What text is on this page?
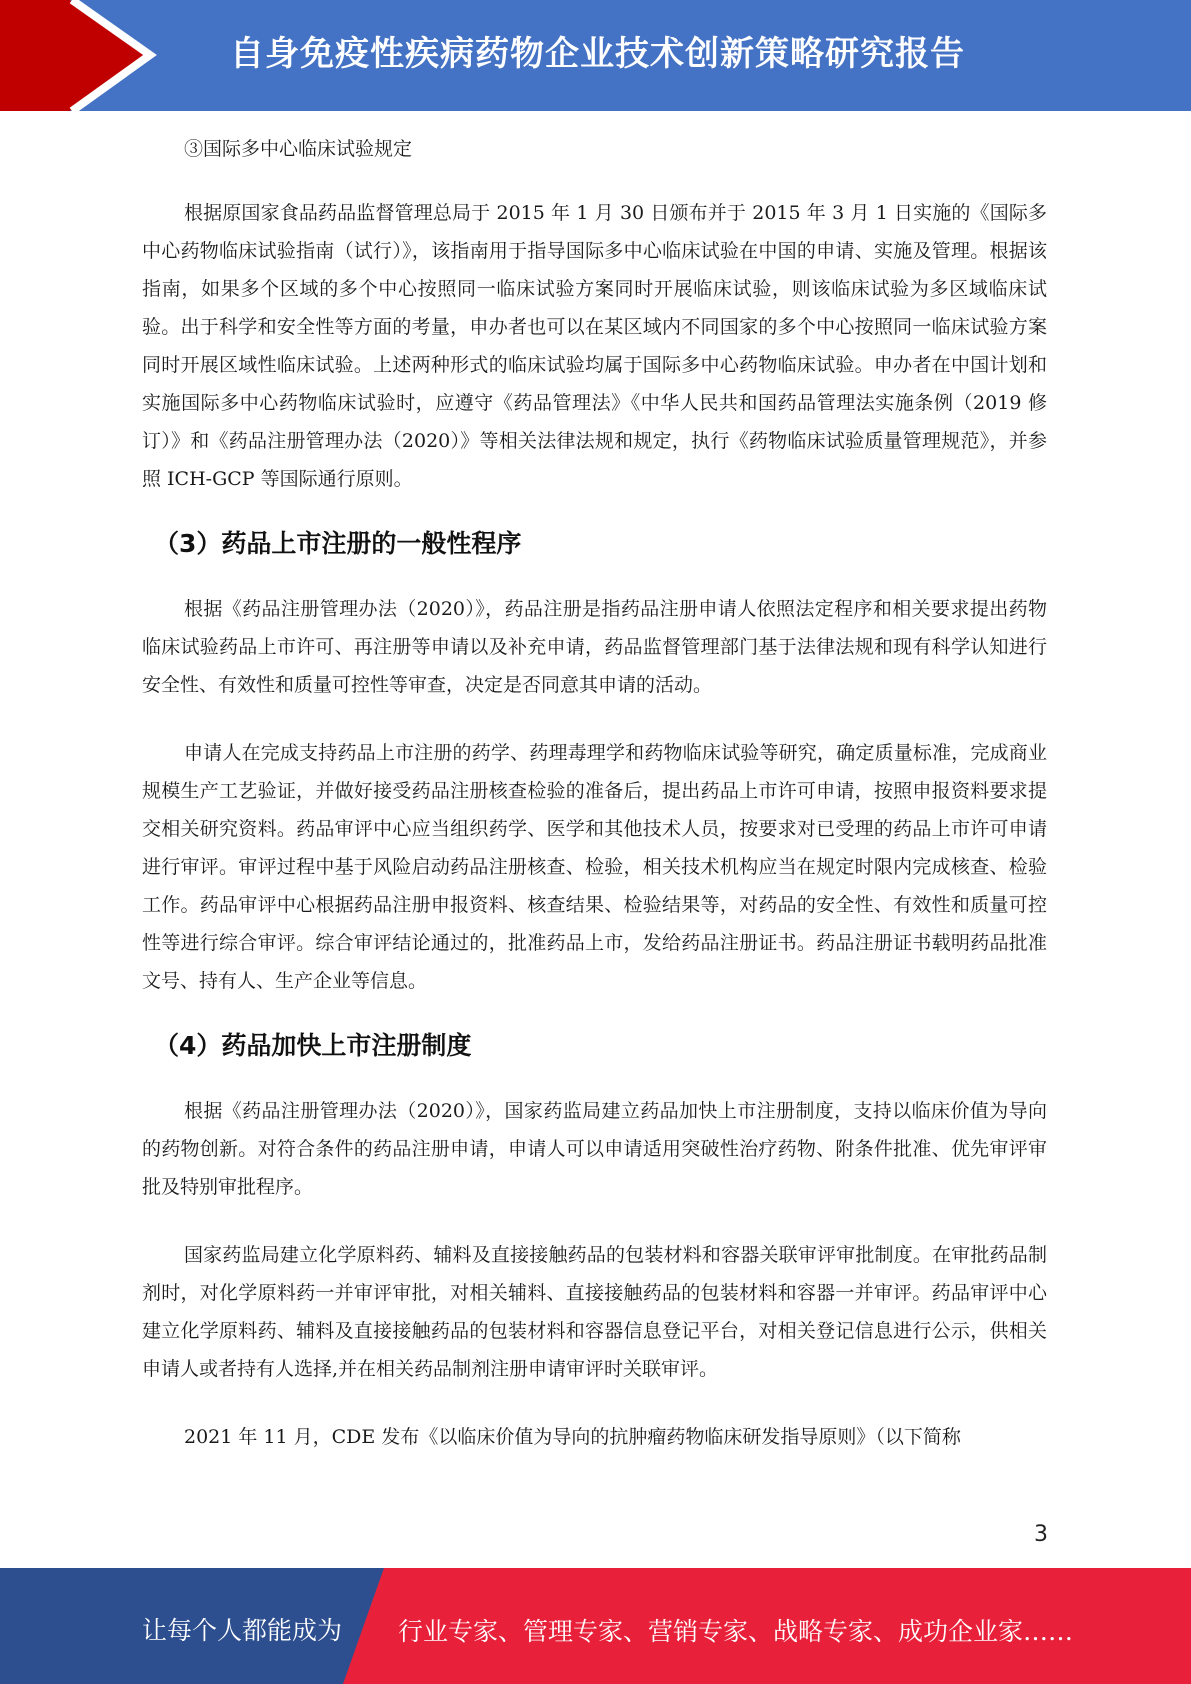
自身免疫性疾病药物企业技术创新策略研究报告

③国际多中心临床试验规定

根据原国家食品药品监督管理总局于 2015 年 1 月 30 日颁布并于 2015 年 3 月 1 日实施的《国际多中心药物临床试验指南（试行）》，该指南用于指导国际多中心临床试验在中国的申请、实施及管理。根据该指南，如果多个区域的多个中心按照同一临床试验方案同时开展临床试验，则该临床试验为多区域临床试验。出于科学和安全性等方面的考量，申办者也可以在某区域内不同国家的多个中心按照同一临床试验方案同时开展区域性临床试验。上述两种形式的临床试验均属于国际多中心药物临床试验。申办者在中国计划和实施国际多中心药物临床试验时，应遵守《药品管理法》《中华人民共和国药品管理法实施条例（2019 修订）》和《药品注册管理办法（2020）》等相关法律法规和规定，执行《药物临床试验质量管理规范》，并参照 ICH-GCP 等国际通行原则。

（3）药品上市注册的一般性程序

根据《药品注册管理办法（2020）》，药品注册是指药品注册申请人依照法定程序和相关要求提出药物临床试验药品上市许可、再注册等申请以及补充申请，药品监督管理部门基于法律法规和现有科学认知进行安全性、有效性和质量可控性等审查，决定是否同意其申请的活动。

申请人在完成支持药品上市注册的药学、药理毒理学和药物临床试验等研究，确定质量标准，完成商业规模生产工艺验证，并做好接受药品注册核查检验的准备后，提出药品上市许可申请，按照申报资料要求提交相关研究资料。药品审评中心应当组织药学、医学和其他技术人员，按要求对已受理的药品上市许可申请进行审评。审评过程中基于风险启动药品注册核查、检验，相关技术机构应当在规定时限内完成核查、检验工作。药品审评中心根据药品注册申报资料、核查结果、检验结果等，对药品的安全性、有效性和质量可控性等进行综合审评。综合审评结论通过的，批准药品上市，发给药品注册证书。药品注册证书载明药品批准文号、持有人、生产企业等信息。

（4）药品加快上市注册制度

根据《药品注册管理办法（2020）》，国家药监局建立药品加快上市注册制度，支持以临床价值为导向的药物创新。对符合条件的药品注册申请，申请人可以申请适用突破性治疗药物、附条件批准、优先审评审批及特别审批程序。

国家药监局建立化学原料药、辅料及直接接触药品的包装材料和容器关联审评审批制度。在审批药品制剂时，对化学原料药一并审评审批，对相关辅料、直接接触药品的包装材料和容器一并审评。药品审评中心建立化学原料药、辅料及直接接触药品的包装材料和容器信息登记平台，对相关登记信息进行公示，供相关申请人或者持有人选择,并在相关药品制剂注册申请审评时关联审评。

2021 年 11 月，CDE 发布《以临床价值为导向的抗肿瘤药物临床研发指导原则》（以下简称

3
让每个人都能成为 行业专家、管理专家、营销专家、战略专家、成功企业家……
